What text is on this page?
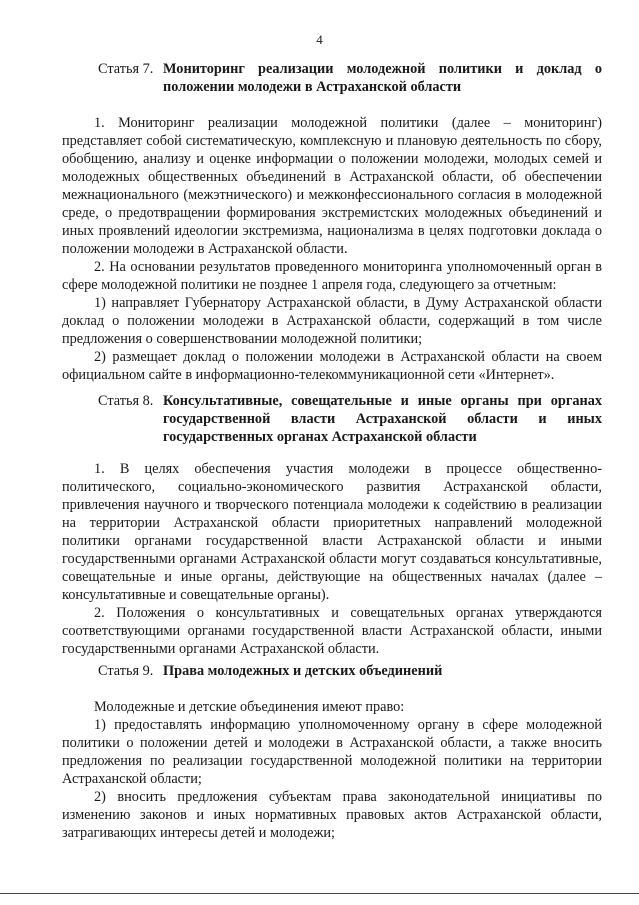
4
Статья 7. Мониторинг реализации молодежной политики и доклад о положении молодежи в Астраханской области

1. Мониторинг реализации молодежной политики (далее – мониторинг) представляет собой систематическую, комплексную и плановую деятельность по сбору, обобщению, анализу и оценке информации о положении молодежи, молодых семей и молодежных общественных объединений в Астраханской области, об обеспечении межнационального (межэтнического) и межконфессионального согласия в молодежной среде, о предотвращении формирования экстремистских молодежных объединений и иных проявлений идеологии экстремизма, национализма в целях подготовки доклада о положении молодежи в Астраханской области.

2. На основании результатов проведенного мониторинга уполномоченный орган в сфере молодежной политики не позднее 1 апреля года, следующего за отчетным:

1) направляет Губернатору Астраханской области, в Думу Астраханской области доклад о положении молодежи в Астраханской области, содержащий в том числе предложения о совершенствовании молодежной политики;

2) размещает доклад о положении молодежи в Астраханской области на своем официальном сайте в информационно-телекоммуникационной сети «Интернет».

Статья 8. Консультативные, совещательные и иные органы при органах государственной власти Астраханской области и иных государственных органах Астраханской области

1. В целях обеспечения участия молодежи в процессе общественно-политического, социально-экономического развития Астраханской области, привлечения научного и творческого потенциала молодежи к содействию в реализации на территории Астраханской области приоритетных направлений молодежной политики органами государственной власти Астраханской области и иными государственными органами Астраханской области могут создаваться консультативные, совещательные и иные органы, действующие на общественных началах (далее – консультативные и совещательные органы).

2. Положения о консультативных и совещательных органах утверждаются соответствующими органами государственной власти Астраханской области, иными государственными органами Астраханской области.

Статья 9. Права молодежных и детских объединений

Молодежные и детские объединения имеют право:

1) предоставлять информацию уполномоченному органу в сфере молодежной политики о положении детей и молодежи в Астраханской области, а также вносить предложения по реализации государственной молодежной политики на территории Астраханской области;

2) вносить предложения субъектам права законодательной инициативы по изменению законов и иных нормативных правовых актов Астраханской области, затрагивающих интересы детей и молодежи;
